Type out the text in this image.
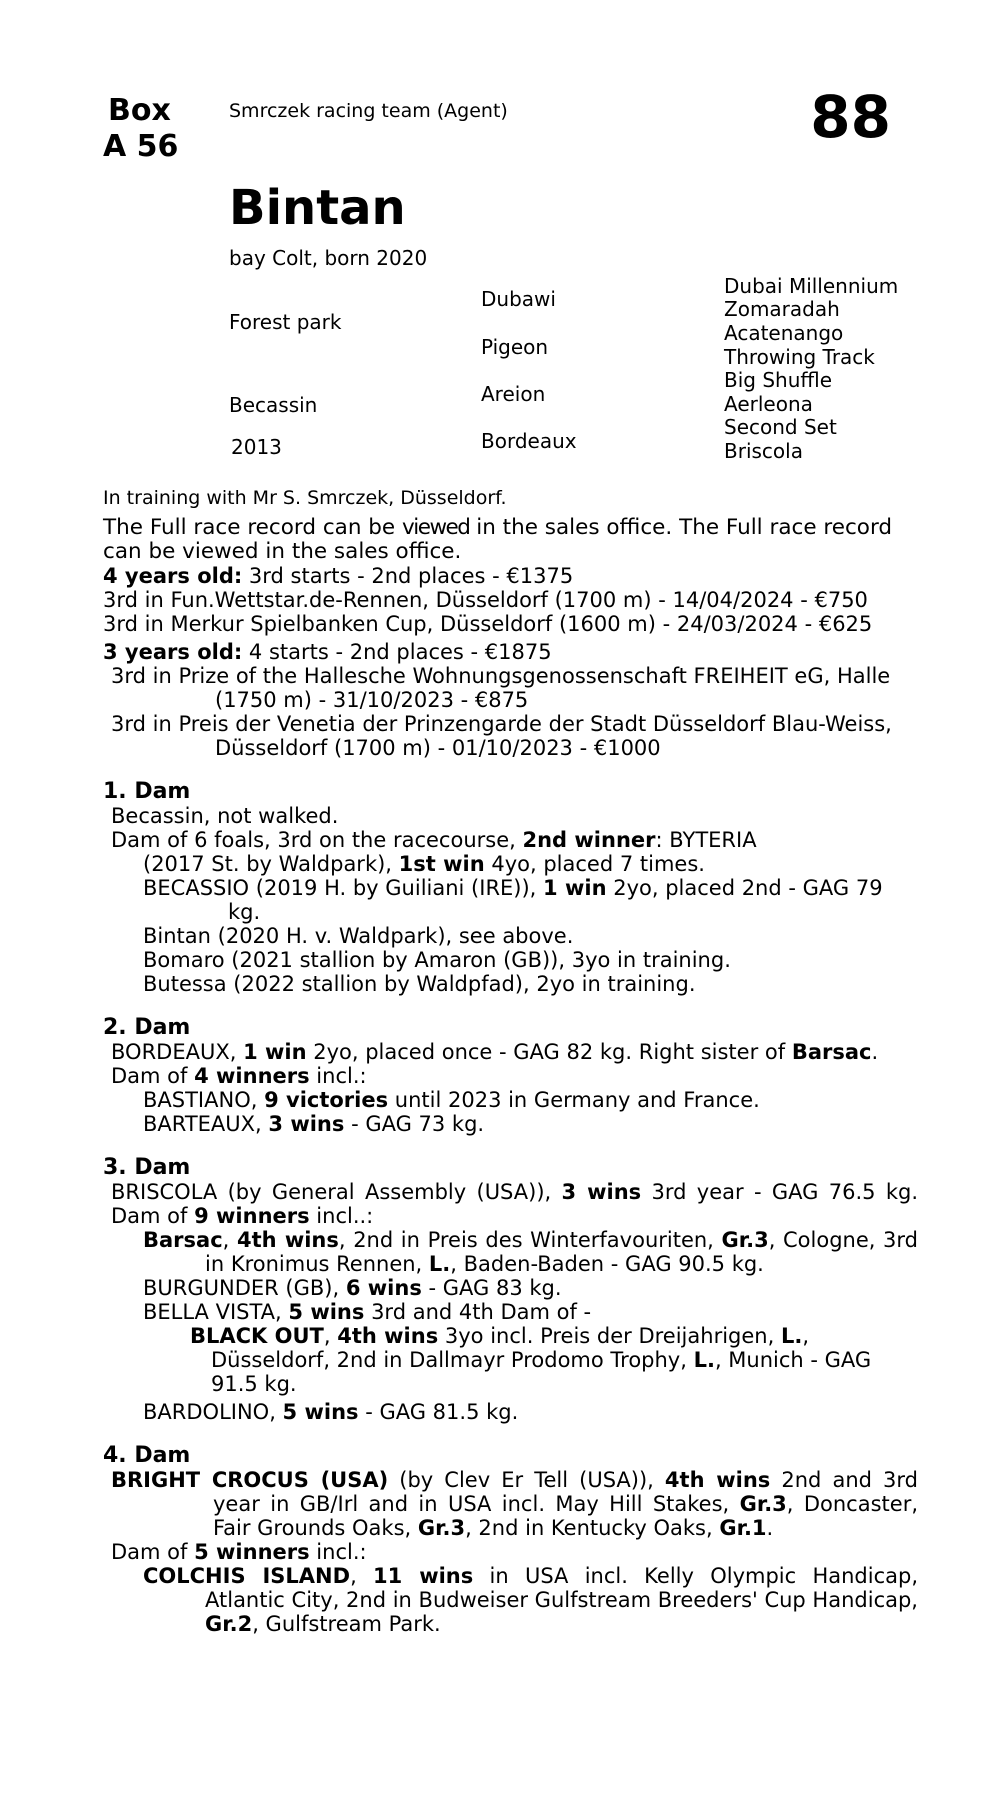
Box
A 56
Smrczek racing team (Agent)	88
Bintan
bay Colt, born 2020
Forest park
Becassin
2013
Dubawi
Pigeon
Areion
Bordeaux
Dubai Millennium
Zomaradah
Acatenango
Throwing Track
Big Shuffle
Aerleona
Second Set
Briscola

In training with Mr S. Smrczek, Düsseldorf.

The Full race record can be viewed in the sales office. The Full race record can be viewed in the sales office.

4 years old: 3rd starts - 2nd places - €1375

3rd in Fun.Wettstar.de-Rennen, Düsseldorf (1700 m) - 14/04/2024 - €750

3rd in Merkur Spielbanken Cup, Düsseldorf (1600 m) - 24/03/2024 - €625

3 years old: 4 starts - 2nd places - €1875

3rd in Prize of the Hallesche Wohnungsgenossenschaft FREIHEIT eG, Halle (1750 m) - 31/10/2023 - €875

3rd in Preis der Venetia der Prinzengarde der Stadt Düsseldorf Blau-Weiss, Düsseldorf (1700 m) - 01/10/2023 - €1000

1. Dam

Becassin, not walked.

Dam of 6 foals, 3rd on the racecourse, 2nd winner: BYTERIA

(2017 St. by Waldpark), 1st win 4yo, placed 7 times.

BECASSIO (2019 H. by Guiliani (IRE)), 1 win 2yo, placed 2nd - GAG 79 kg.

Bintan (2020 H. v. Waldpark), see above.

Bomaro (2021 stallion by Amaron (GB)), 3yo in training.

Butessa (2022 stallion by Waldpfad), 2yo in training.

2. Dam

BORDEAUX, 1 win 2yo, placed once - GAG 82 kg. Right sister of Barsac.

Dam of 4 winners incl.:

BASTIANO, 9 victories until 2023 in Germany and France.

BARTEAUX, 3 wins - GAG 73 kg.

3. Dam

BRISCOLA (by General Assembly (USA)), 3 wins 3rd year - GAG 76.5 kg. Dam of 9 winners incl..:

Barsac, 4th wins, 2nd in Preis des Winterfavouriten, Gr.3, Cologne, 3rd in Kronimus Rennen, L., Baden-Baden - GAG 90.5 kg.

BURGUNDER (GB), 6 wins - GAG 83 kg.

BELLA VISTA, 5 wins 3rd and 4th Dam of -

BLACK OUT, 4th wins 3yo incl. Preis der Dreijahrigen, L., Düsseldorf, 2nd in Dallmayr Prodomo Trophy, L., Munich - GAG 91.5 kg.

BARDOLINO, 5 wins - GAG 81.5 kg.

4. Dam

BRIGHT CROCUS (USA) (by Clev Er Tell (USA)), 4th wins 2nd and 3rd year in GB/Irl and in USA incl. May Hill Stakes, Gr.3, Doncaster, Fair Grounds Oaks, Gr.3, 2nd in Kentucky Oaks, Gr.1.

Dam of 5 winners incl.:

COLCHIS ISLAND, 11 wins in USA incl. Kelly Olympic Handicap, Atlantic City, 2nd in Budweiser Gulfstream Breeders' Cup Handicap, Gr.2, Gulfstream Park.
